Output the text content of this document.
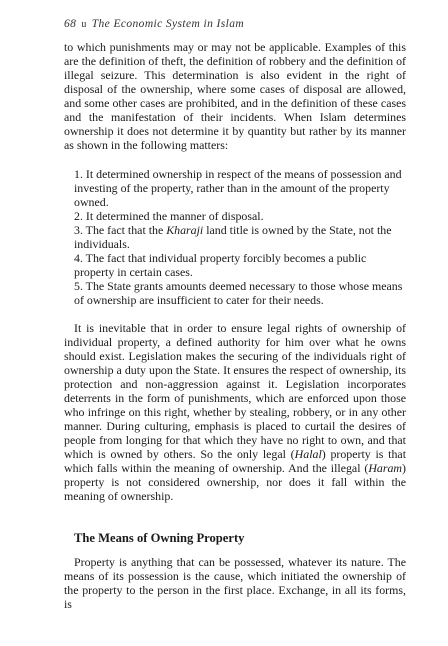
68 u The Economic System in Islam

to which punishments may or may not be applicable. Examples of this are the definition of theft, the definition of robbery and the definition of illegal seizure. This determination is also evident in the right of disposal of the ownership, where some cases of disposal are allowed, and some other cases are prohibited, and in the definition of these cases and the manifestation of their incidents. When Islam determines ownership it does not determine it by quantity but rather by its manner as shown in the following matters:

1. It determined ownership in respect of the means of possession and investing of the property, rather than in the amount of the property owned.
2. It determined the manner of disposal.
3. The fact that the Kharaji land title is owned by the State, not the individuals.
4. The fact that individual property forcibly becomes a public property in certain cases.
5. The State grants amounts deemed necessary to those whose means of ownership are insufficient to cater for their needs.

It is inevitable that in order to ensure legal rights of ownership of individual property, a defined authority for him over what he owns should exist. Legislation makes the securing of the individuals right of ownership a duty upon the State. It ensures the respect of ownership, its protection and non-aggression against it. Legislation incorporates deterrents in the form of punishments, which are enforced upon those who infringe on this right, whether by stealing, robbery, or in any other manner. During culturing, emphasis is placed to curtail the desires of people from longing for that which they have no right to own, and that which is owned by others. So the only legal (Halal) property is that which falls within the meaning of ownership. And the illegal (Haram) property is not considered ownership, nor does it fall within the meaning of ownership.

The Means of Owning Property

Property is anything that can be possessed, whatever its nature. The means of its possession is the cause, which initiated the ownership of the property to the person in the first place. Exchange, in all its forms, is
